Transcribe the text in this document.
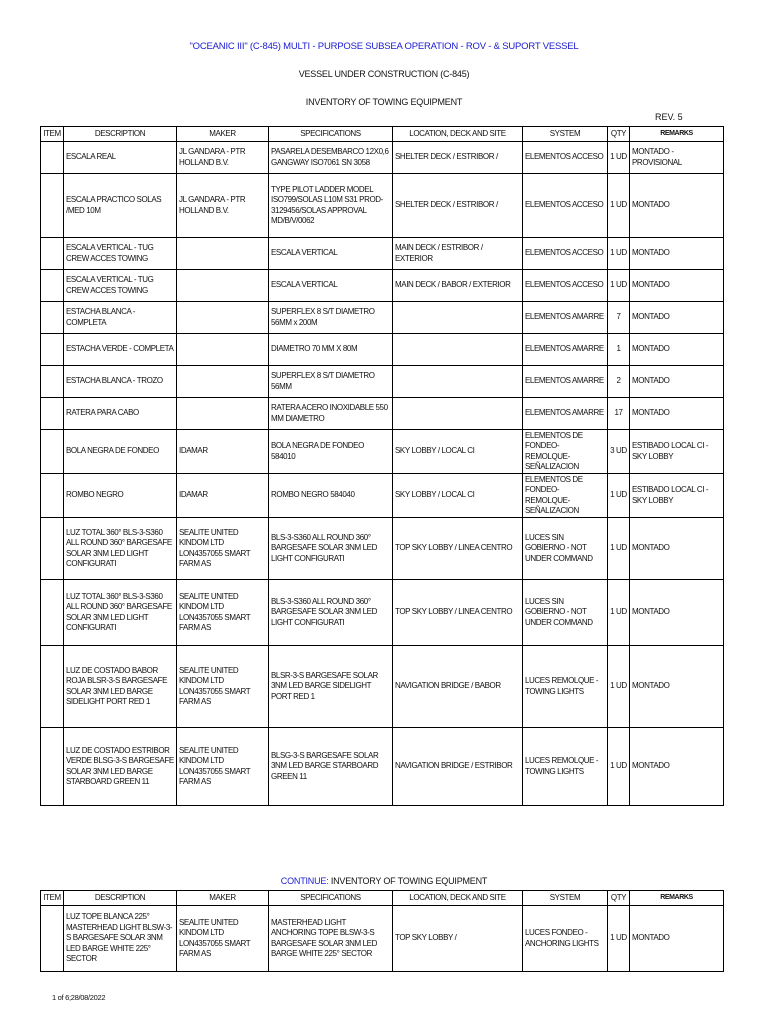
"OCEANIC III" (C-845) MULTI - PURPOSE SUBSEA OPERATION - ROV - & SUPORT VESSEL
VESSEL UNDER CONSTRUCTION (C-845)
INVENTORY OF TOWING EQUIPMENT
REV. 5
ITEM	DESCRIPTION	MAKER	SPECIFICATIONS	LOCATION, DECK AND SITE	SYSTEM	QTY	REMARKS
	ESCALA REAL	JL GANDARA - PTR HOLLAND B.V.	PASARELA DESEMBARCO 12X0,6 GANGWAY ISO7061 SN 3058	SHELTER DECK / ESTRIBOR /	ELEMENTOS ACCESO	1 UD	MONTADO - PROVISIONAL
	ESCALA PRACTICO SOLAS /MED 10M	JL GANDARA - PTR HOLLAND B.V.	TYPE PILOT LADDER MODEL ISO799/SOLAS L10M S31 PROD-3129456/SOLAS APPROVAL MD/B/V/0062	SHELTER DECK / ESTRIBOR /	ELEMENTOS ACCESO	1 UD	MONTADO
	ESCALA VERTICAL - TUG CREW ACCES TOWING		ESCALA VERTICAL	MAIN DECK / ESTRIBOR / EXTERIOR	ELEMENTOS ACCESO	1 UD	MONTADO
	ESCALA VERTICAL - TUG CREW ACCES TOWING		ESCALA VERTICAL	MAIN DECK / BABOR / EXTERIOR	ELEMENTOS ACCESO	1 UD	MONTADO
	ESTACHA BLANCA - COMPLETA		SUPERFLEX 8 S/T DIAMETRO 56MM x 200M		ELEMENTOS AMARRE	7	MONTADO
	ESTACHA VERDE - COMPLETA		DIAMETRO 70 MM X 80M		ELEMENTOS AMARRE	1	MONTADO
	ESTACHA BLANCA - TROZO		SUPERFLEX 8 S/T DIAMETRO 56MM		ELEMENTOS AMARRE	2	MONTADO
	RATERA PARA CABO		RATERA ACERO INOXIDABLE 550 MM DIAMETRO		ELEMENTOS AMARRE	17	MONTADO
	BOLA NEGRA DE FONDEO	IDAMAR	BOLA NEGRA DE FONDEO 584010	SKY LOBBY / LOCAL CI	ELEMENTOS DE FONDEO- REMOLQUE- SEÑALIZACION	3 UD	ESTIBADO LOCAL CI - SKY LOBBY
	ROMBO NEGRO	IDAMAR	ROMBO NEGRO 584040	SKY LOBBY / LOCAL CI	ELEMENTOS DE FONDEO- REMOLQUE- SEÑALIZACION	1 UD	ESTIBADO LOCAL CI - SKY LOBBY
	LUZ TOTAL 360° BLS-3-S360 ALL ROUND 360° BARGESAFE SOLAR 3NM LED LIGHT CONFIGURATI	SEALITE UNITED KINDOM LTD LON4357055 SMART FARM AS	BLS-3-S360 ALL ROUND 360° BARGESAFE SOLAR 3NM LED LIGHT CONFIGURATI	TOP SKY LOBBY / LINEA CENTRO	LUCES SIN GOBIERNO - NOT UNDER COMMAND	1 UD	MONTADO
	LUZ TOTAL 360° BLS-3-S360 ALL ROUND 360° BARGESAFE SOLAR 3NM LED LIGHT CONFIGURATI	SEALITE UNITED KINDOM LTD LON4357055 SMART FARM AS	BLS-3-S360 ALL ROUND 360° BARGESAFE SOLAR 3NM LED LIGHT CONFIGURATI	TOP SKY LOBBY / LINEA CENTRO	LUCES SIN GOBIERNO - NOT UNDER COMMAND	1 UD	MONTADO
	LUZ DE COSTADO BABOR ROJA BLSR-3-S BARGESAFE SOLAR 3NM LED BARGE SIDELIGHT PORT RED 1	SEALITE UNITED KINDOM LTD LON4357055 SMART FARM AS	BLSR-3-S BARGESAFE SOLAR 3NM LED BARGE SIDELIGHT PORT RED 1	NAVIGATION BRIDGE / BABOR	LUCES REMOLQUE - TOWING LIGHTS	1 UD	MONTADO
	LUZ DE COSTADO ESTRIBOR VERDE BLSG-3-S BARGESAFE SOLAR 3NM LED BARGE STARBOARD GREEN 11	SEALITE UNITED KINDOM LTD LON4357055 SMART FARM AS	BLSG-3-S BARGESAFE SOLAR 3NM LED BARGE STARBOARD GREEN 11	NAVIGATION BRIDGE / ESTRIBOR	LUCES REMOLQUE - TOWING LIGHTS	1 UD	MONTADO
CONTINUE: INVENTORY OF TOWING EQUIPMENT
ITEM	DESCRIPTION	MAKER	SPECIFICATIONS	LOCATION, DECK AND SITE	SYSTEM	QTY	REMARKS
	LUZ TOPE BLANCA 225° MASTERHEAD LIGHT BLSW-3-S BARGESAFE SOLAR 3NM LED BARGE WHITE 225° SECTOR	SEALITE UNITED KINDOM LTD LON4357055 SMART FARM AS	MASTERHEAD LIGHT ANCHORING TOPE BLSW-3-S BARGESAFE SOLAR 3NM LED BARGE WHITE 225° SECTOR	TOP SKY LOBBY /	LUCES FONDEO - ANCHORING LIGHTS	1 UD	MONTADO
1 of 6;28/08/2022
